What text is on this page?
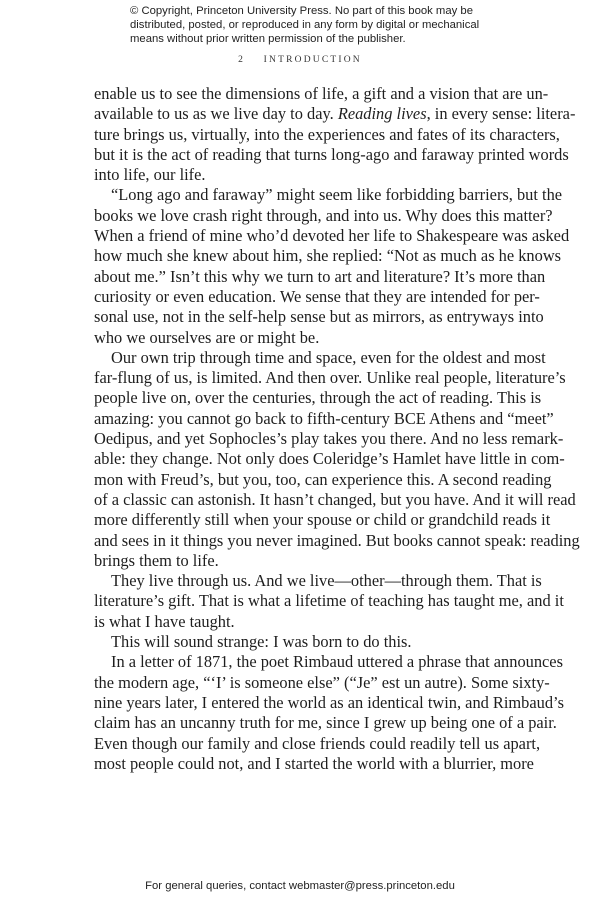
© Copyright, Princeton University Press. No part of this book may be
distributed, posted, or reproduced in any form by digital or mechanical
means without prior written permission of the publisher.
2 INTRODUCTION

enable us to see the dimensions of life, a gift and a vision that are un-
available to us as we live day to day. Reading lives, in every sense: litera-
ture brings us, virtually, into the experiences and fates of its characters,
but it is the act of reading that turns long-ago and faraway printed words
into life, our life.

“Long ago and faraway” might seem like forbidding barriers, but the
books we love crash right through, and into us. Why does this matter?
When a friend of mine who’d devoted her life to Shakespeare was asked
how much she knew about him, she replied: “Not as much as he knows
about me.” Isn’t this why we turn to art and literature? It’s more than
curiosity or even education. We sense that they are intended for per-
sonal use, not in the self-help sense but as mirrors, as entryways into
who we ourselves are or might be.

Our own trip through time and space, even for the oldest and most
far-flung of us, is limited. And then over. Unlike real people, literature’s
people live on, over the centuries, through the act of reading. This is
amazing: you cannot go back to fifth-century BCE Athens and “meet”
Oedipus, and yet Sophocles’s play takes you there. And no less remark-
able: they change. Not only does Coleridge’s Hamlet have little in com-
mon with Freud’s, but you, too, can experience this. A second reading
of a classic can astonish. It hasn’t changed, but you have. And it will read
more differently still when your spouse or child or grandchild reads it
and sees in it things you never imagined. But books cannot speak: reading
brings them to life.

They live through us. And we live—other—through them. That is
literature’s gift. That is what a lifetime of teaching has taught me, and it
is what I have taught.

This will sound strange: I was born to do this.

In a letter of 1871, the poet Rimbaud uttered a phrase that announces
the modern age, “‘I’ is someone else” (“Je” est un autre). Some sixty-
nine years later, I entered the world as an identical twin, and Rimbaud’s
claim has an uncanny truth for me, since I grew up being one of a pair.
Even though our family and close friends could readily tell us apart,
most people could not, and I started the world with a blurrier, more

For general queries, contact webmaster@press.princeton.edu
